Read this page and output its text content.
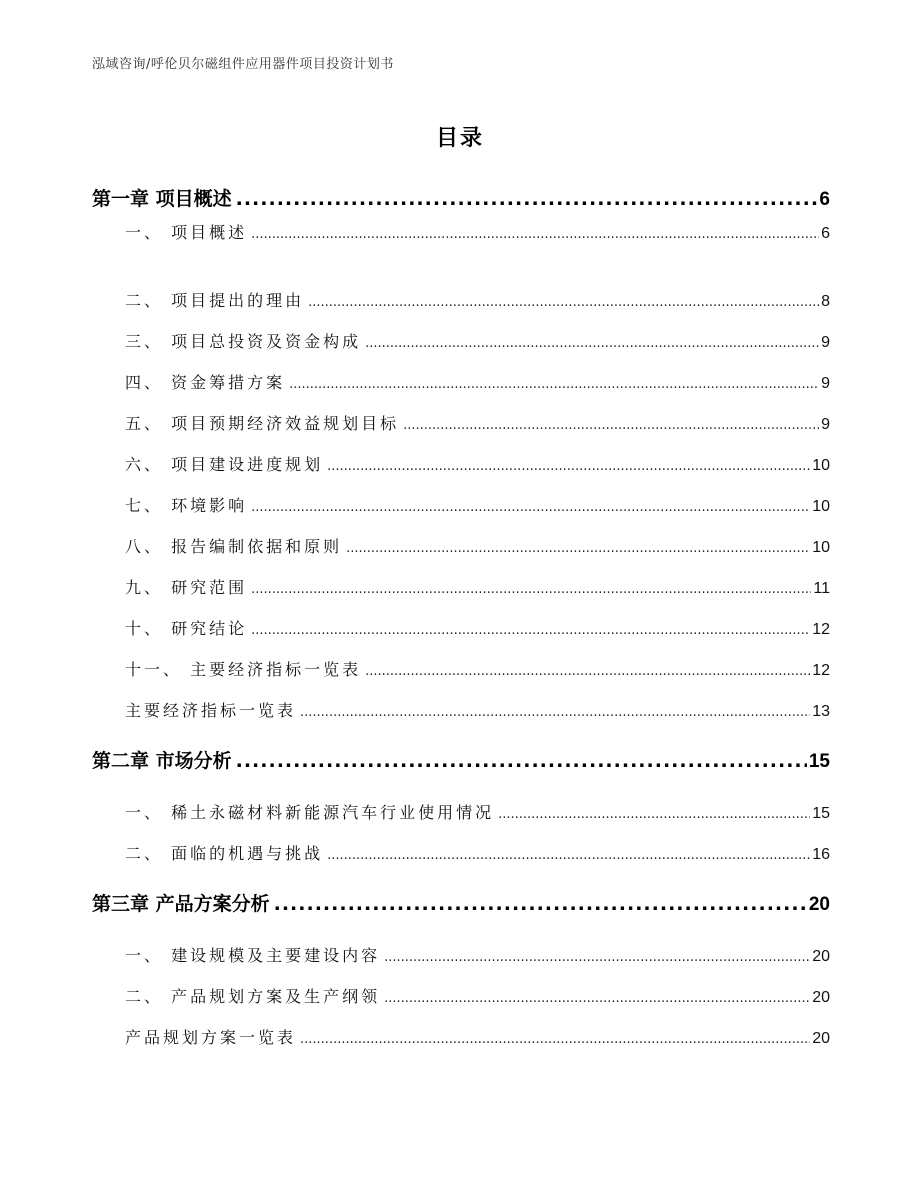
泓域咨询/呼伦贝尔磁组件应用器件项目投资计划书
目录
第一章 项目概述 .....	6
一、 项目概述 .....	6
二、 项目提出的理由 .....	8
三、 项目总投资及资金构成 .....	9
四、 资金筹措方案 .....	9
五、 项目预期经济效益规划目标 .....	9
六、 项目建设进度规划 .....	10
七、 环境影响 .....	10
八、 报告编制依据和原则 .....	10
九、 研究范围 .....	11
十、 研究结论 .....	12
十一、 主要经济指标一览表 .....	12
主要经济指标一览表 .....	13
第二章 市场分析 .....	15
一、 稀土永磁材料新能源汽车行业使用情况 .....	15
二、 面临的机遇与挑战 .....	16
第三章 产品方案分析 .....	20
一、 建设规模及主要建设内容 .....	20
二、 产品规划方案及生产纲领 .....	20
产品规划方案一览表 .....	20
